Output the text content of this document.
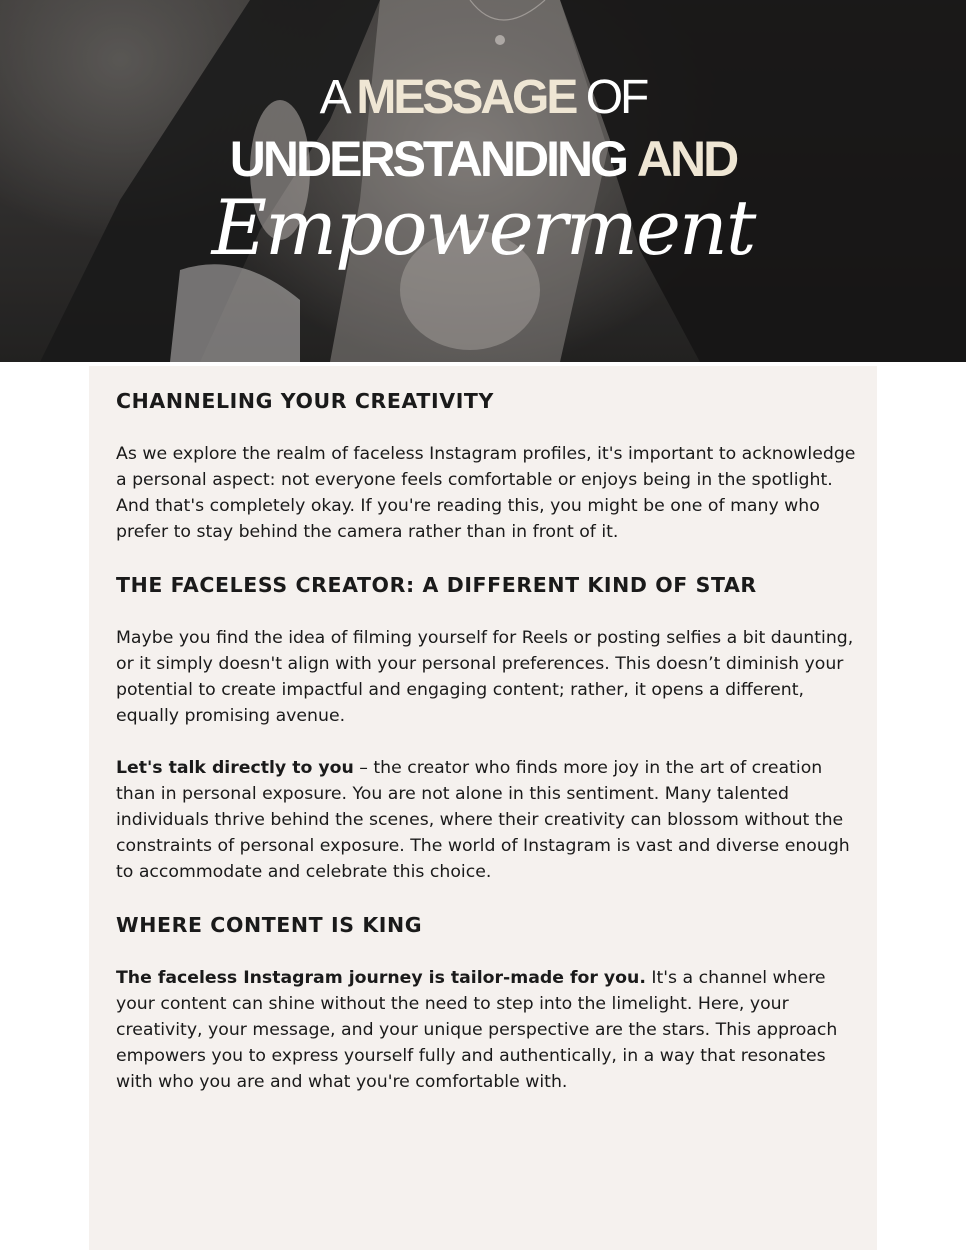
A MESSAGE OF
UNDERSTANDING AND
Empowerment
CHANNELING YOUR CREATIVITY

As we explore the realm of faceless Instagram profiles, it's important to acknowledge a personal aspect: not everyone feels comfortable or enjoys being in the spotlight. And that's completely okay. If you're reading this, you might be one of many who prefer to stay behind the camera rather than in front of it.

THE FACELESS CREATOR: A DIFFERENT KIND OF STAR

Maybe you find the idea of filming yourself for Reels or posting selfies a bit daunting, or it simply doesn't align with your personal preferences. This doesn’t diminish your potential to create impactful and engaging content; rather, it opens a different, equally promising avenue.

Let's talk directly to you – the creator who finds more joy in the art of creation than in personal exposure. You are not alone in this sentiment. Many talented individuals thrive behind the scenes, where their creativity can blossom without the constraints of personal exposure. The world of Instagram is vast and diverse enough to accommodate and celebrate this choice.

WHERE CONTENT IS KING

The faceless Instagram journey is tailor-made for you. It's a channel where your content can shine without the need to step into the limelight. Here, your creativity, your message, and your unique perspective are the stars. This approach empowers you to express yourself fully and authentically, in a way that resonates with who you are and what you're comfortable with.
